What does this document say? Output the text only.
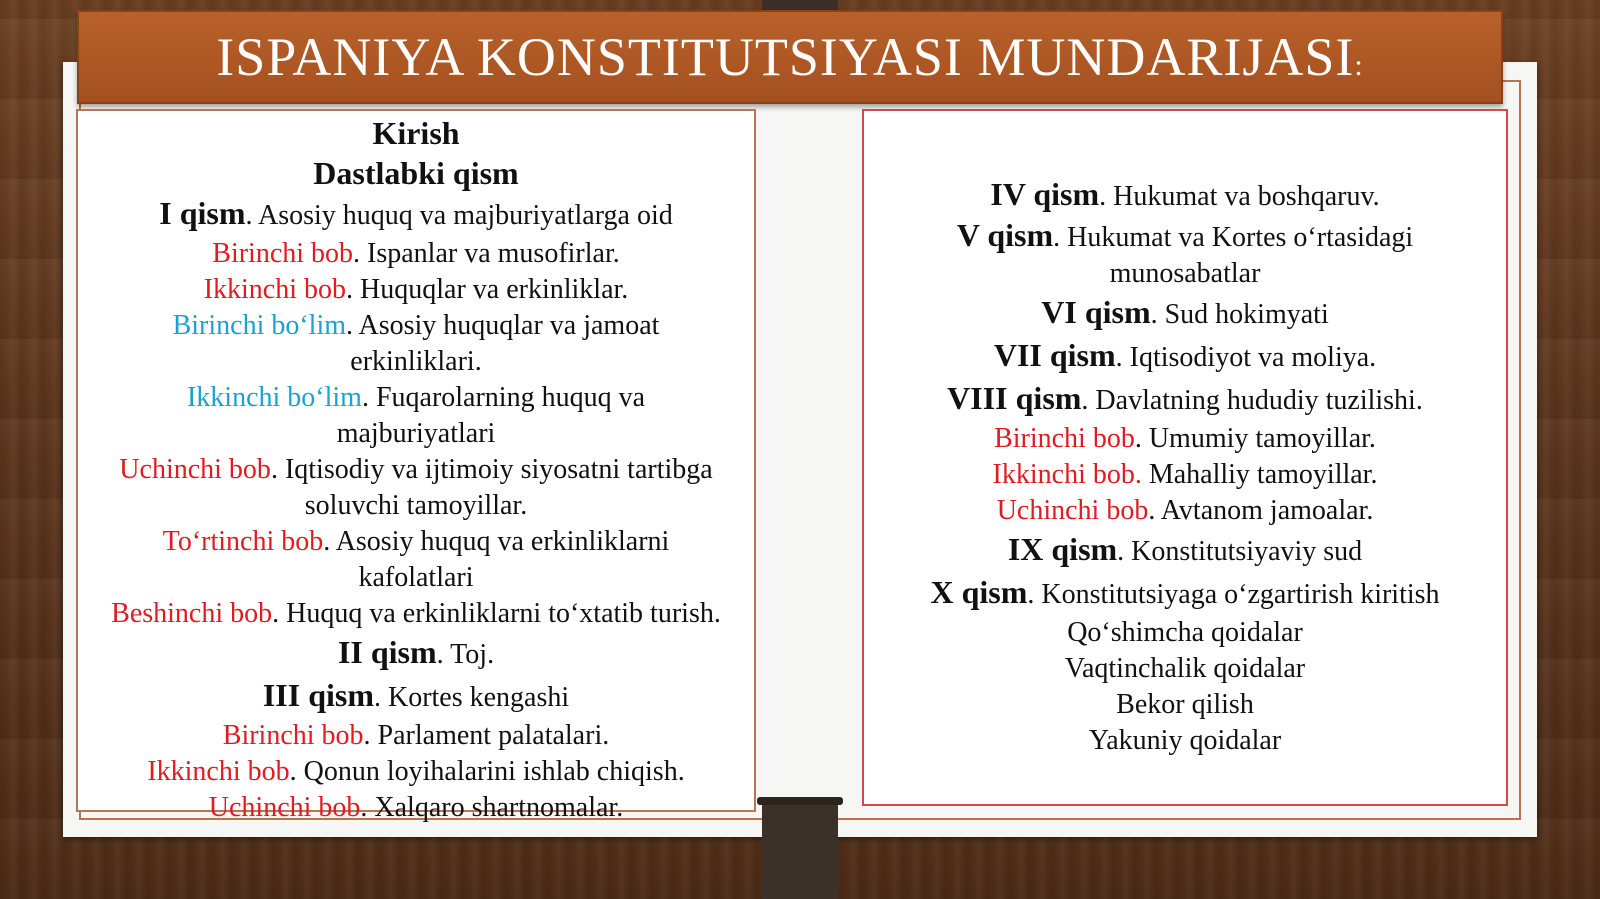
ISPANIYA KONSTITUTSIYASI MUNDARIJASI:
Kirish
Dastlabki qism
I qism. Asosiy huquq va majburiyatlarga oid
Birinchi bob. Ispanlar va musofirlar.
Ikkinchi bob. Huquqlar va erkinliklar.
Birinchi bo‘lim. Asosiy huquqlar va jamoat erkinliklari.
Ikkinchi bo‘lim. Fuqarolarning huquq va majburiyatlari
Uchinchi bob. Iqtisodiy va ijtimoiy siyosatni tartibga soluvchi tamoyillar.
To‘rtinchi bob. Asosiy huquq va erkinliklarni kafolatlari
Beshinchi bob. Huquq va erkinliklarni to‘xtatib turish.
II qism. Toj.
III qism. Kortes kengashi
Birinchi bob. Parlament palatalari.
Ikkinchi bob. Qonun loyihalarini ishlab chiqish.
Uchinchi bob. Xalqaro shartnomalar.
IV qism. Hukumat va boshqaruv.
V qism. Hukumat va Kortes o‘rtasidagi munosabatlar
VI qism. Sud hokimyati
VII qism. Iqtisodiyot va moliya.
VIII qism. Davlatning hududiy tuzilishi.
Birinchi bob. Umumiy tamoyillar.
Ikkinchi bob. Mahalliy tamoyillar.
Uchinchi bob. Avtanom jamoalar.
IX qism. Konstitutsiyaviy sud
X qism. Konstitutsiyaga o‘zgartirish kiritish
Qo‘shimcha qoidalar
Vaqtinchalik qoidalar
Bekor qilish
Yakuniy qoidalar
